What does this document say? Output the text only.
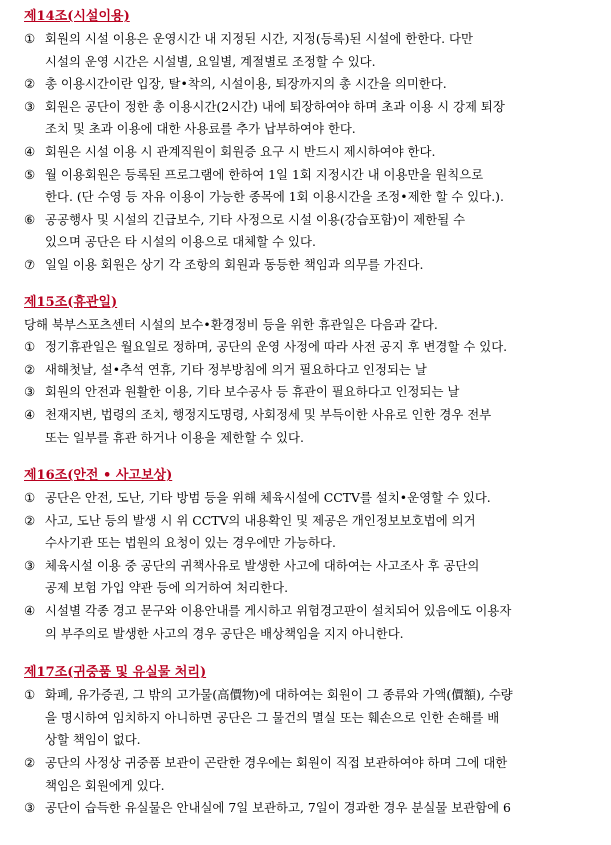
제14조(시설이용)
① 회원의 시설 이용은 운영시간 내 지정된 시간, 지정(등록)된 시설에 한한다. 다만
시설의 운영 시간은 시설별, 요일별, 계절별로 조정할 수 있다.
② 총 이용시간이란 입장, 탈•착의, 시설이용, 퇴장까지의 총 시간을 의미한다.
③ 회원은 공단이 정한 총 이용시간(2시간) 내에 퇴장하여야 하며 초과 이용 시 강제 퇴장
조치 및 초과 이용에 대한 사용료를 추가 납부하여야 한다.
④ 회원은 시설 이용 시 관계직원이 회원증 요구 시 반드시 제시하여야 한다.
⑤ 월 이용회원은 등록된 프로그램에 한하여 1일 1회 지정시간 내 이용만을 원칙으로
한다. (단 수영 등 자유 이용이 가능한 종목에 1회 이용시간을 조정•제한 할 수 있다.).
⑥ 공공행사 및 시설의 긴급보수, 기타 사정으로 시설 이용(강습포함)이 제한될 수
있으며 공단은 타 시설의 이용으로 대체할 수 있다.
⑦ 일일 이용 회원은 상기 각 조항의 회원과 동등한 책임과 의무를 가진다.
제15조(휴관일)
당해 북부스포츠센터 시설의 보수•환경정비 등을 위한 휴관일은 다음과 같다.
① 정기휴관일은 월요일로 정하며, 공단의 운영 사정에 따라 사전 공지 후 변경할 수 있다.
② 새해첫날, 설•추석 연휴, 기타 정부방침에 의거 필요하다고 인정되는 날
③ 회원의 안전과 원활한 이용, 기타 보수공사 등 휴관이 필요하다고 인정되는 날
④ 천재지변, 법령의 조치, 행정지도명령, 사회정세 및 부득이한 사유로 인한 경우 전부
또는 일부를 휴관 하거나 이용을 제한할 수 있다.
제16조(안전 • 사고보상)
① 공단은 안전, 도난, 기타 방범 등을 위해 체육시설에 CCTV를 설치•운영할 수 있다.
② 사고, 도난 등의 발생 시 위 CCTV의 내용확인 및 제공은 개인정보보호법에 의거
수사기관 또는 법원의 요청이 있는 경우에만 가능하다.
③ 체육시설 이용 중 공단의 귀책사유로 발생한 사고에 대하여는 사고조사 후 공단의
공제 보험 가입 약관 등에 의거하여 처리한다.
④ 시설별 각종 경고 문구와 이용안내를 게시하고 위험경고판이 설치되어 있음에도 이용자
의 부주의로 발생한 사고의 경우 공단은 배상책임을 지지 아니한다.
제17조(귀중품 및 유실물 처리)
① 화폐, 유가증권, 그 밖의 고가물(高價物)에 대하여는 회원이 그 종류와 가액(價額), 수량
을 명시하여 임치하지 아니하면 공단은 그 물건의 멸실 또는 훼손으로 인한 손해를 배
상할 책임이 없다.
② 공단의 사정상 귀중품 보관이 곤란한 경우에는 회원이 직접 보관하여야 하며 그에 대한
책임은 회원에게 있다.
③ 공단이 습득한 유실물은 안내실에 7일 보관하고, 7일이 경과한 경우 분실물 보관함에 6
